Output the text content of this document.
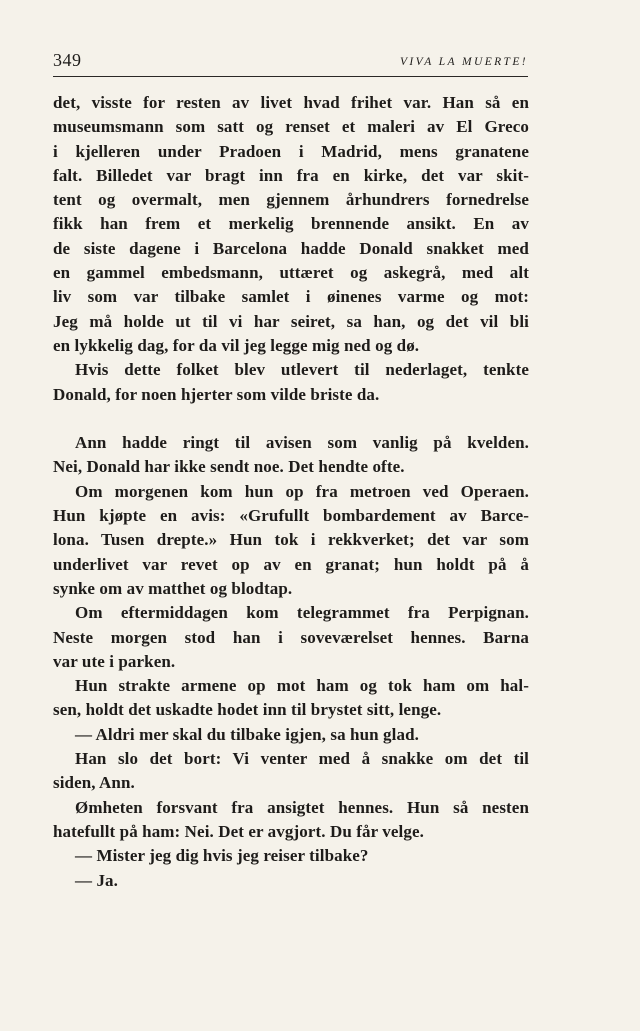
349	VIVA LA MUERTE!
det, visste for resten av livet hvad frihet var. Han så en
museumsmann som satt og renset et maleri av El Greco
i kjelleren under Pradoen i Madrid, mens granatene
falt. Billedet var bragt inn fra en kirke, det var skit-
tent og overmalt, men gjennem århundrers fornedrelse
fikk han frem et merkelig brennende ansikt. En av
de siste dagene i Barcelona hadde Donald snakket med
en gammel embedsmann, uttæret og askegrå, med alt
liv som var tilbake samlet i øinenes varme og mot:
Jeg må holde ut til vi har seiret, sa han, og det vil bli
en lykkelig dag, for da vil jeg legge mig ned og dø.
Hvis dette folket blev utlevert til nederlaget, tenkte
Donald, for noen hjerter som vilde briste da.
Ann hadde ringt til avisen som vanlig på kvelden.
Nei, Donald har ikke sendt noe. Det hendte ofte.
Om morgenen kom hun op fra metroen ved Operaen.
Hun kjøpte en avis: «Grufullt bombardement av Barce-
lona. Tusen drepte.» Hun tok i rekkverket; det var som
underlivet var revet op av en granat; hun holdt på å
synke om av matthet og blodtap.
Om eftermiddagen kom telegrammet fra Perpignan.
Neste morgen stod han i soveværelset hennes. Barna
var ute i parken.
Hun strakte armene op mot ham og tok ham om hal-
sen, holdt det uskadte hodet inn til brystet sitt, lenge.
— Aldri mer skal du tilbake igjen, sa hun glad.
Han slo det bort: Vi venter med å snakke om det til
siden, Ann.
Ømheten forsvant fra ansigtet hennes. Hun så nesten
hatefullt på ham: Nei. Det er avgjort. Du får velge.
— Mister jeg dig hvis jeg reiser tilbake?
— Ja.
